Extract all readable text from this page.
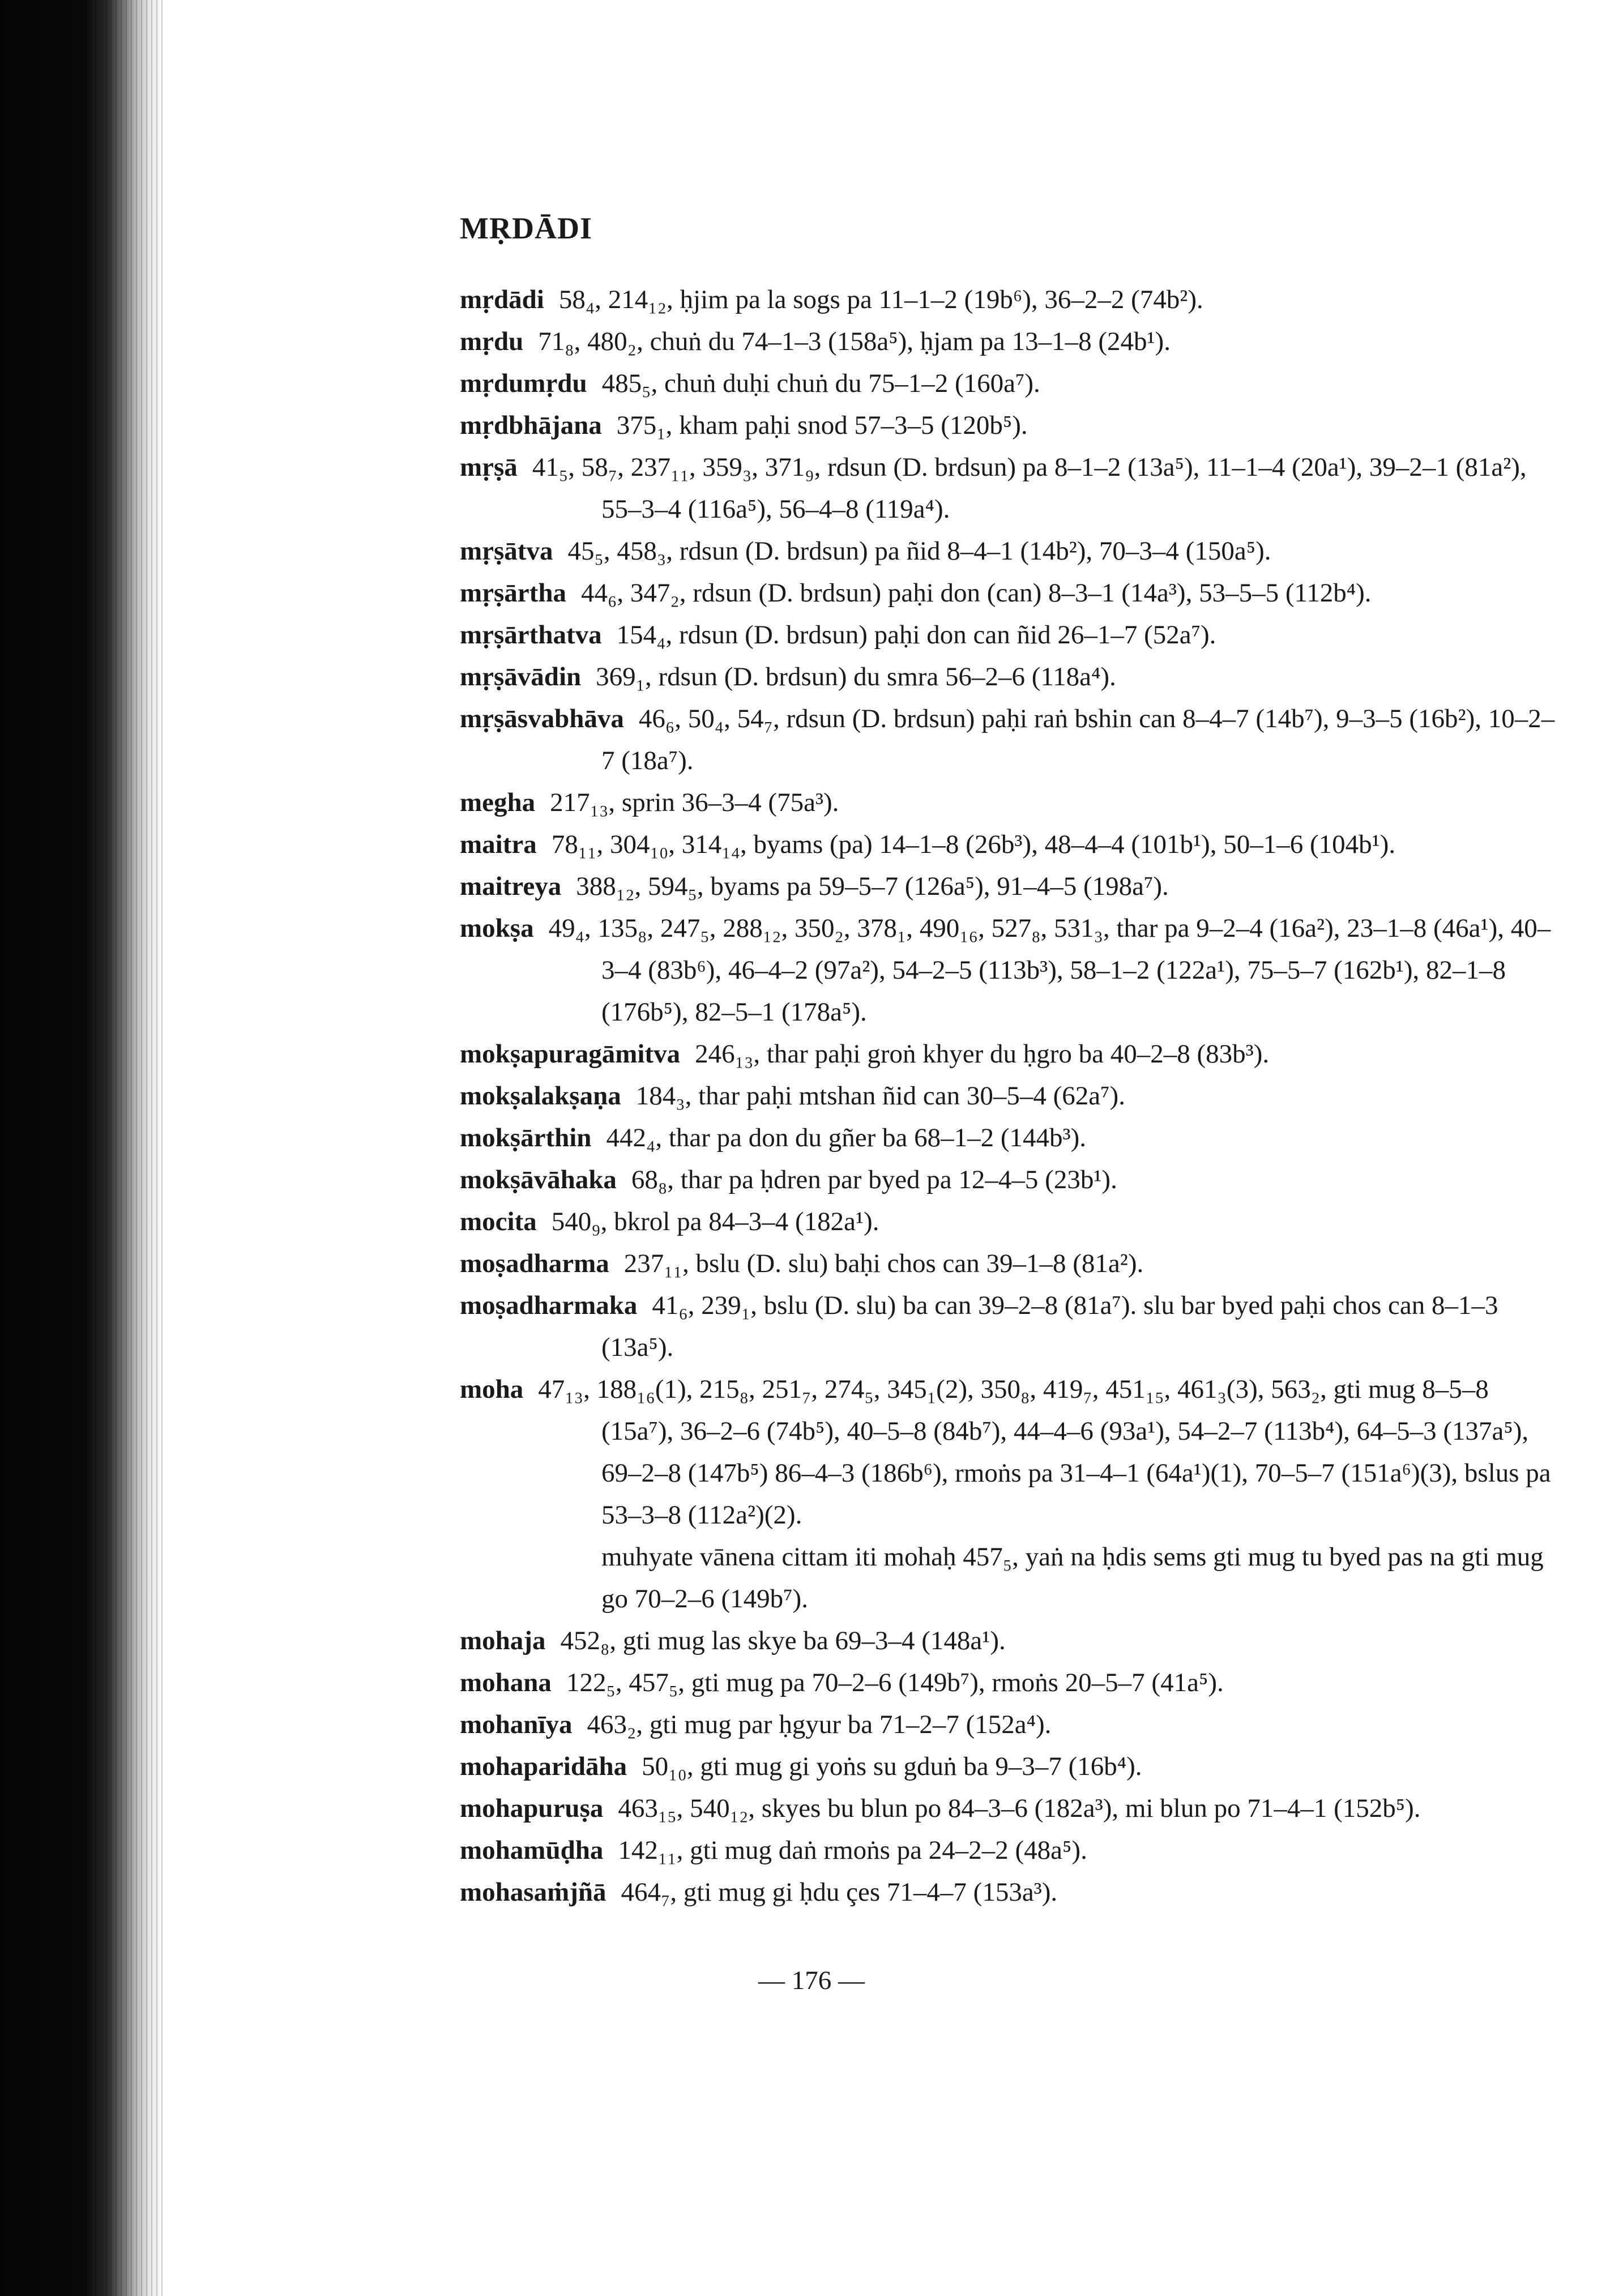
MṚDĀDI
mṛdādi 58₄, 214₁₂, ḥjim pa la sogs pa 11–1–2 (19b⁶), 36–2–2 (74b²).
mṛdu 71₈, 480₂, chuṅ du 74–1–3 (158a⁵), ḥjam pa 13–1–8 (24b¹).
mṛdumṛdu 485₅, chuṅ duḥi chuṅ du 75–1–2 (160a⁷).
mṛdbhājana 375₁, kham paḥi snod 57–3–5 (120b⁵).
mṛṣā 41₅, 58₇, 237₁₁, 359₃, 371₉, rdsun (D. brdsun) pa 8–1–2 (13a⁵), 11–1–4 (20a¹), 39–2–1 (81a²), 55–3–4 (116a⁵), 56–4–8 (119a⁴).
mṛṣātva 45₅, 458₃, rdsun (D. brdsun) pa ñid 8–4–1 (14b²), 70–3–4 (150a⁵).
mṛṣārtha 44₆, 347₂, rdsun (D. brdsun) paḥi don (can) 8–3–1 (14a³), 53–5–5 (112b⁴).
mṛṣārthatva 154₄, rdsun (D. brdsun) paḥi don can ñid 26–1–7 (52a⁷).
mṛṣāvādin 369₁, rdsun (D. brdsun) du smra 56–2–6 (118a⁴).
mṛṣāsvabhāva 46₆, 50₄, 54₇, rdsun (D. brdsun) paḥi raṅ bshin can 8–4–7 (14b⁷), 9–3–5 (16b²), 10–2–7 (18a⁷).
megha 217₁₃, sprin 36–3–4 (75a³).
maitra 78₁₁, 304₁₀, 314₁₄, byams (pa) 14–1–8 (26b³), 48–4–4 (101b¹), 50–1–6 (104b¹).
maitreya 388₁₂, 594₅, byams pa 59–5–7 (126a⁵), 91–4–5 (198a⁷).
mokṣa 49₄, 135₈, 247₅, 288₁₂, 350₂, 378₁, 490₁₆, 527₈, 531₃, thar pa 9–2–4 (16a²), 23–1–8 (46a¹), 40–3–4 (83b⁶), 46–4–2 (97a²), 54–2–5 (113b³), 58–1–2 (122a¹), 75–5–7 (162b¹), 82–1–8 (176b⁵), 82–5–1 (178a⁵).
mokṣapuragāmitva 246₁₃, thar paḥi groṅ khyer du ḥgro ba 40–2–8 (83b³).
mokṣalakṣaṇa 184₃, thar paḥi mtshan ñid can 30–5–4 (62a⁷).
mokṣārthin 442₄, thar pa don du gñer ba 68–1–2 (144b³).
mokṣāvāhaka 68₈, thar pa ḥdren par byed pa 12–4–5 (23b¹).
mocita 540₉, bkrol pa 84–3–4 (182a¹).
moṣadharma 237₁₁, bslu (D. slu) baḥi chos can 39–1–8 (81a²).
moṣadharmaka 41₆, 239₁, bslu (D. slu) ba can 39–2–8 (81a⁷). slu bar byed paḥi chos can 8–1–3 (13a⁵).
moha 47₁₃, 188₁₆(1), 215₈, 251₇, 274₅, 345₁(2), 350₈, 419₇, 451₁₅, 461₃(3), 563₂, gti mug 8–5–8 (15a⁷), 36–2–6 (74b⁵), 40–5–8 (84b⁷), 44–4–6 (93a¹), 54–2–7 (113b⁴), 64–5–3 (137a⁵), 69–2–8 (147b⁵) 86–4–3 (186b⁶), rmoṅs pa 31–4–1 (64a¹)(1), 70–5–7 (151a⁶)(3), bslus pa 53–3–8 (112a²)(2).
muhyate vānena cittam iti mohaḥ 457₅, yaṅ na ḥdis sems gti mug tu byed pas na gti mug go 70–2–6 (149b⁷).
mohaja 452₈, gti mug las skye ba 69–3–4 (148a¹).
mohana 122₅, 457₅, gti mug pa 70–2–6 (149b⁷), rmoṅs 20–5–7 (41a⁵).
mohanīya 463₂, gti mug par ḥgyur ba 71–2–7 (152a⁴).
mohaparidāha 50₁₀, gti mug gi yoṅs su gduṅ ba 9–3–7 (16b⁴).
mohapuruṣa 463₁₅, 540₁₂, skyes bu blun po 84–3–6 (182a³), mi blun po 71–4–1 (152b⁵).
mohamūḍha 142₁₁, gti mug daṅ rmoṅs pa 24–2–2 (48a⁵).
mohasaṁjñā 464₇, gti mug gi ḥdu çes 71–4–7 (153a³).
— 176 —
